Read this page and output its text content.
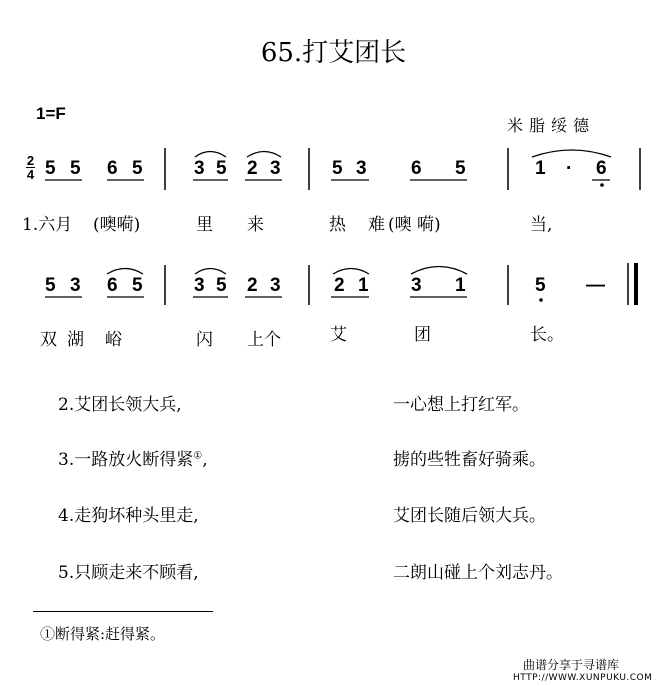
65.打艾团长
1=F
米脂绥德
2
4 5 5 6 5	3 5 2 3	5 3 6 5	1 · 6
1.六月 (噢嗬)	里 来	热 难 (噢 嗬)	当,
5 3 6 5	3 5 2 3	2 1 3 1	5 —
双 湖 峪	闪 上个	艾	团	长。
2.艾团长领大兵,	一心想上打红军。
3.一路放火断得紧①,	掳的些牲畜好骑乘。
4.走狗坏种头里走,	艾团长随后领大兵。
5.只顾走来不顾看,	二朗山碰上个刘志丹。
①断得紧:赶得紧。
曲谱分享于寻谱库
HTTP://WWW.XUNPUKU.COM
